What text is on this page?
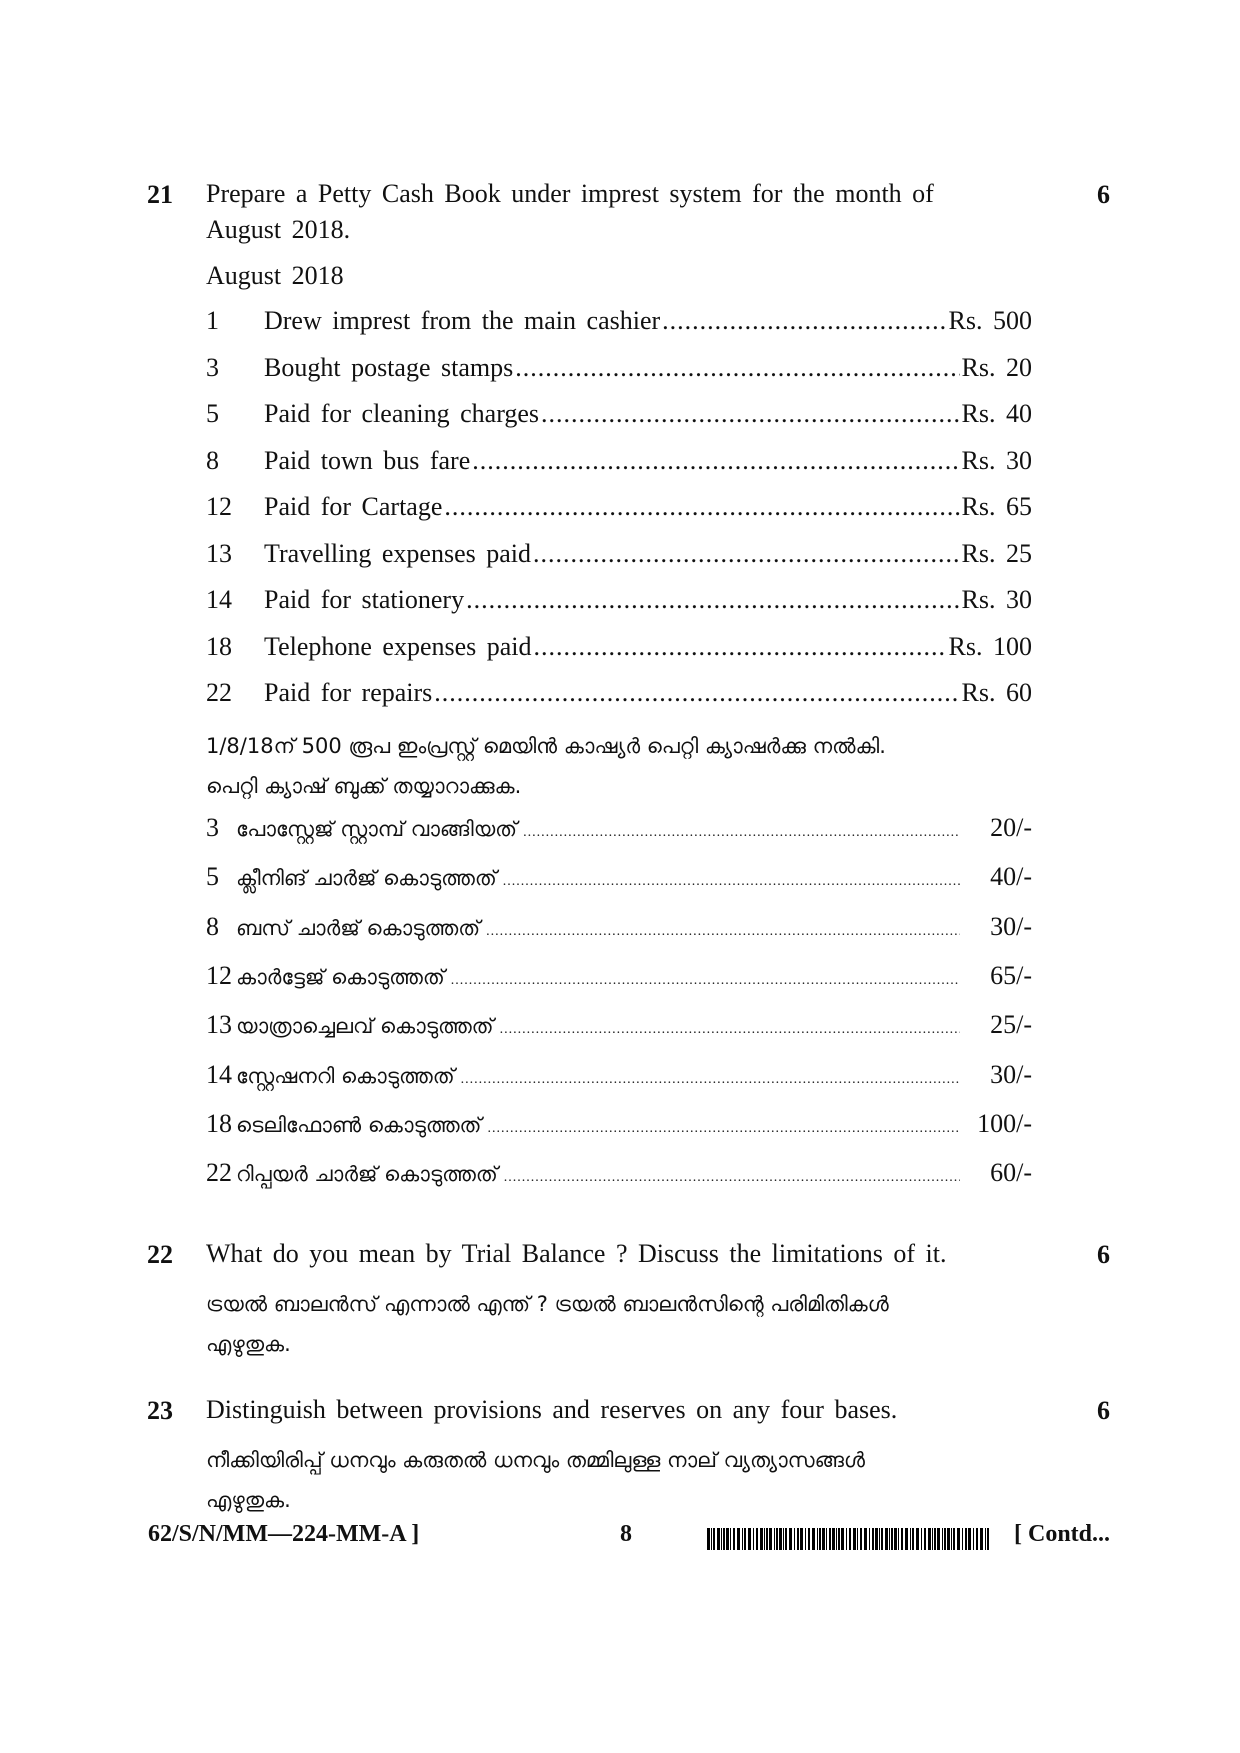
21	6
Prepare a Petty Cash Book under imprest system for the month of
August 2018.
August 2018
1	Drew imprest from the main cashier .....	Rs. 500
3	Bought postage stamps .....	Rs. 20
5	Paid for cleaning charges .....	Rs. 40
8	Paid town bus fare .....	Rs. 30
12	Paid for Cartage .....	Rs. 65
13	Travelling expenses paid .....	Rs. 25
14	Paid for stationery .....	Rs. 30
18	Telephone expenses paid .....	Rs. 100
22	Paid for repairs .....	Rs. 60
1/8/18ന് 500 രൂപ ഇംപ്രസ്റ്റ് മെയിൻ കാഷ്യർ പെറ്റി ക്യാഷർക്കു നൽകി.
പെറ്റി ക്യാഷ് ബുക്ക് തയ്യാറാക്കുക.
3 പോസ്റ്റേജ് സ്റ്റാമ്പ് വാങ്ങിയത് .....	20/-
5 ക്ലീനിങ് ചാർജ് കൊടുത്തത് .....	40/-
8 ബസ് ചാർജ് കൊടുത്തത് .....	30/-
12 കാർട്ടേജ് കൊടുത്തത് .....	65/-
13 യാത്രാച്ചെലവ് കൊടുത്തത് .....	25/-
14 സ്റ്റേഷനറി കൊടുത്തത് .....	30/-
18 ടെലിഫോൺ കൊടുത്തത് .....	100/-
22 റിപ്പയർ ചാർജ് കൊടുത്തത് .....	60/-
22	6
What do you mean by Trial Balance ? Discuss the limitations of it.
ട്രയൽ ബാലൻസ് എന്നാൽ എന്ത് ? ട്രയൽ ബാലൻസിന്റെ പരിമിതികൾ
എഴുതുക.
23	6
Distinguish between provisions and reserves on any four bases.
നീക്കിയിരിപ്പ് ധനവും കരുതൽ ധനവും തമ്മിലുള്ള നാല് വ്യത്യാസങ്ങൾ
എഴുതുക.
62/S/N/MM—224-MM-A ]	8	[ Contd...
